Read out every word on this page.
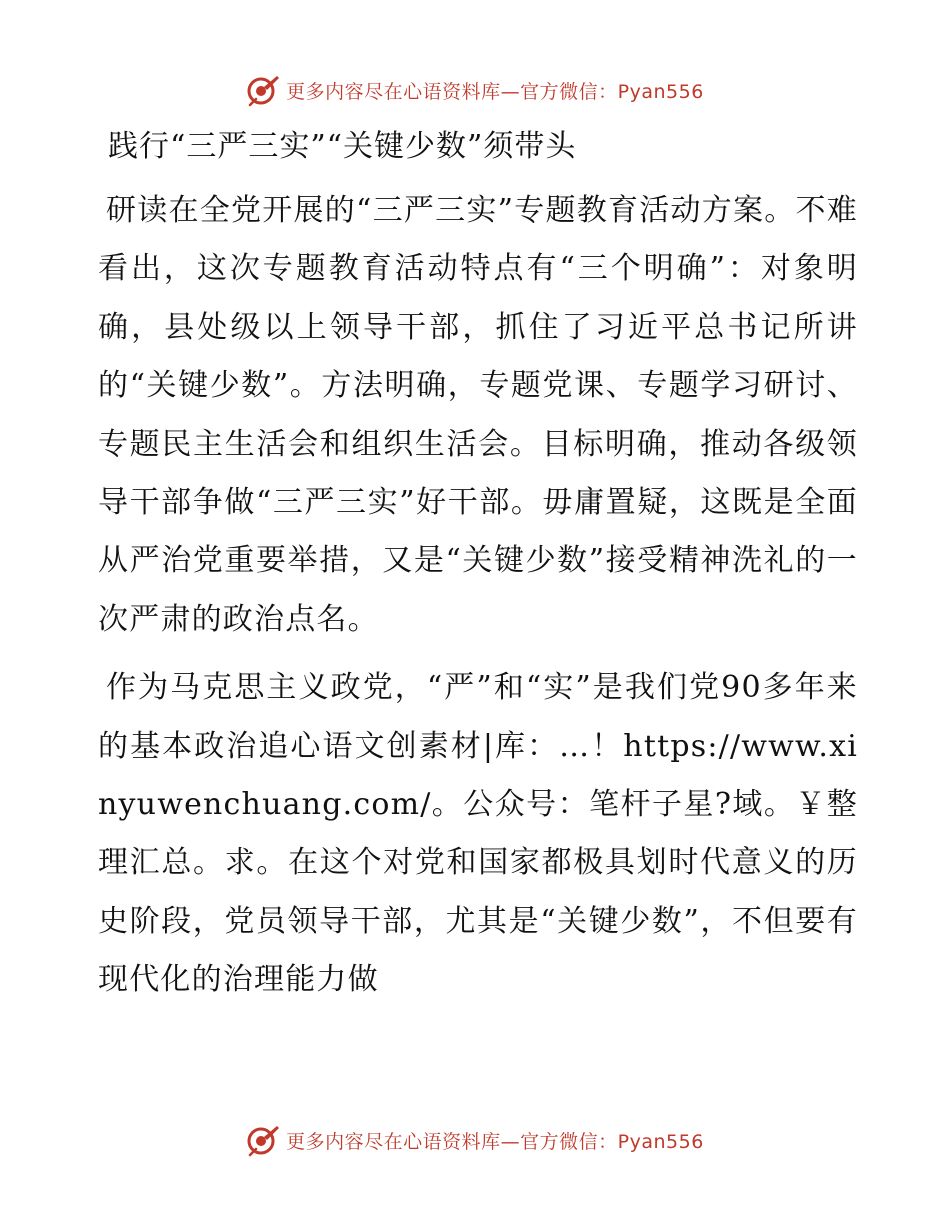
更多内容尽在心语资料库—官方微信：Pyan556
践行“三严三实”“关键少数”须带头

研读在全党开展的“三严三实”专题教育活动方案。不难看出，这次专题教育活动特点有“三个明确”：对象明确，县处级以上领导干部，抓住了习近平总书记所讲的“关键少数”。方法明确，专题党课、专题学习研讨、专题民主生活会和组织生活会。目标明确，推动各级领导干部争做“三严三实”好干部。毋庸置疑，这既是全面从严治党重要举措，又是“关键少数”接受精神洗礼的一次严肃的政治点名。

作为马克思主义政党，“严”和“实”是我们党90多年来的基本政治追心语文创素材|库：…！https://www.xinyuwenchuang.com/。公众号：笔杆子星?域。￥整理汇总。求。在这个对党和国家都极具划时代意义的历史阶段，党员领导干部，尤其是“关键少数”，不但要有现代化的治理能力做

更多内容尽在心语资料库—官方微信：Pyan556
